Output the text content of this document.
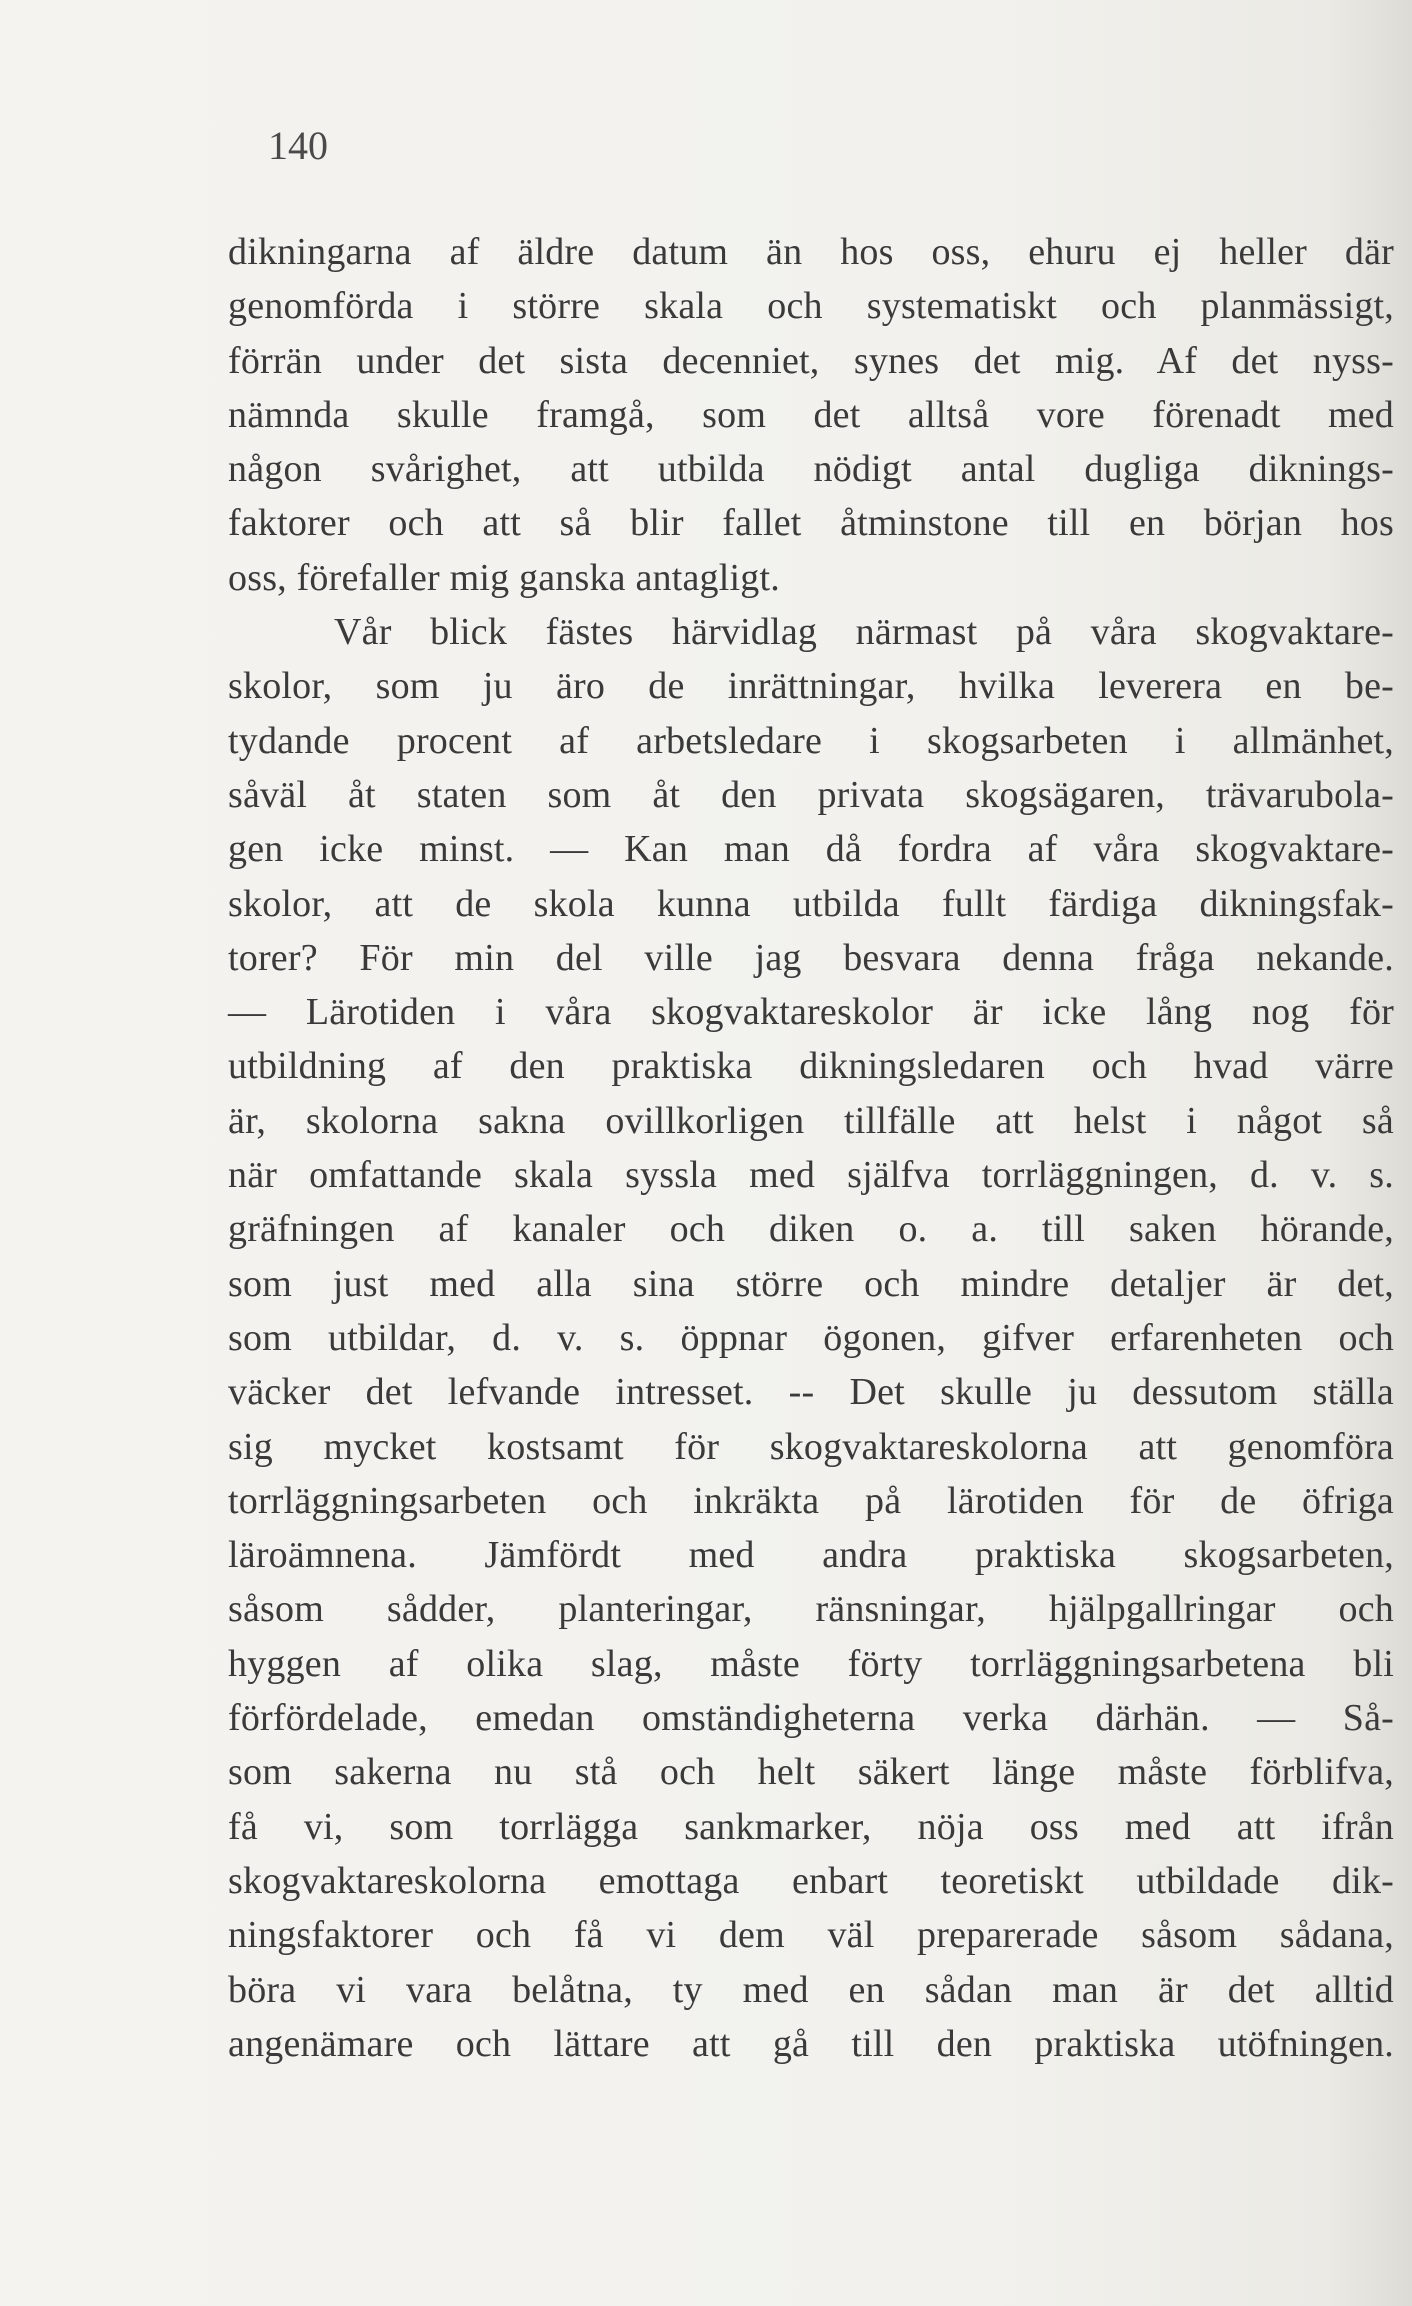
140
dikningarna af äldre datum än hos oss, ehuru ej heller där
genomförda i större skala och systematiskt och planmässigt,
förrän under det sista decenniet, synes det mig. Af det nyss-
nämnda skulle framgå, som det alltså vore förenadt med
någon svårighet, att utbilda nödigt antal dugliga diknings-
faktorer och att så blir fallet åtminstone till en början hos
oss, förefaller mig ganska antagligt.
Vår blick fästes härvidlag närmast på våra skogvaktare-
skolor, som ju äro de inrättningar, hvilka leverera en be-
tydande procent af arbetsledare i skogsarbeten i allmänhet,
såväl åt staten som åt den privata skogsägaren, trävarubola-
gen icke minst. — Kan man då fordra af våra skogvaktare-
skolor, att de skola kunna utbilda fullt färdiga dikningsfak-
torer? För min del ville jag besvara denna fråga nekande.
— Lärotiden i våra skogvaktareskolor är icke lång nog för
utbildning af den praktiska dikningsledaren och hvad värre
är, skolorna sakna ovillkorligen tillfälle att helst i något så
när omfattande skala syssla med själfva torrläggningen, d. v. s.
gräfningen af kanaler och diken o. a. till saken hörande,
som just med alla sina större och mindre detaljer är det,
som utbildar, d. v. s. öppnar ögonen, gifver erfarenheten och
väcker det lefvande intresset. -- Det skulle ju dessutom ställa
sig mycket kostsamt för skogvaktareskolorna att genomföra
torrläggningsarbeten och inkräkta på lärotiden för de öfriga
läroämnena. Jämfördt med andra praktiska skogsarbeten,
såsom sådder, planteringar, ränsningar, hjälpgallringar och
hyggen af olika slag, måste förty torrläggningsarbetena bli
förfördelade, emedan omständigheterna verka därhän. — Så-
som sakerna nu stå och helt säkert länge måste förblifva,
få vi, som torrlägga sankmarker, nöja oss med att ifrån
skogvaktareskolorna emottaga enbart teoretiskt utbildade dik-
ningsfaktorer och få vi dem väl preparerade såsom sådana,
böra vi vara belåtna, ty med en sådan man är det alltid
angenämare och lättare att gå till den praktiska utöfningen.
